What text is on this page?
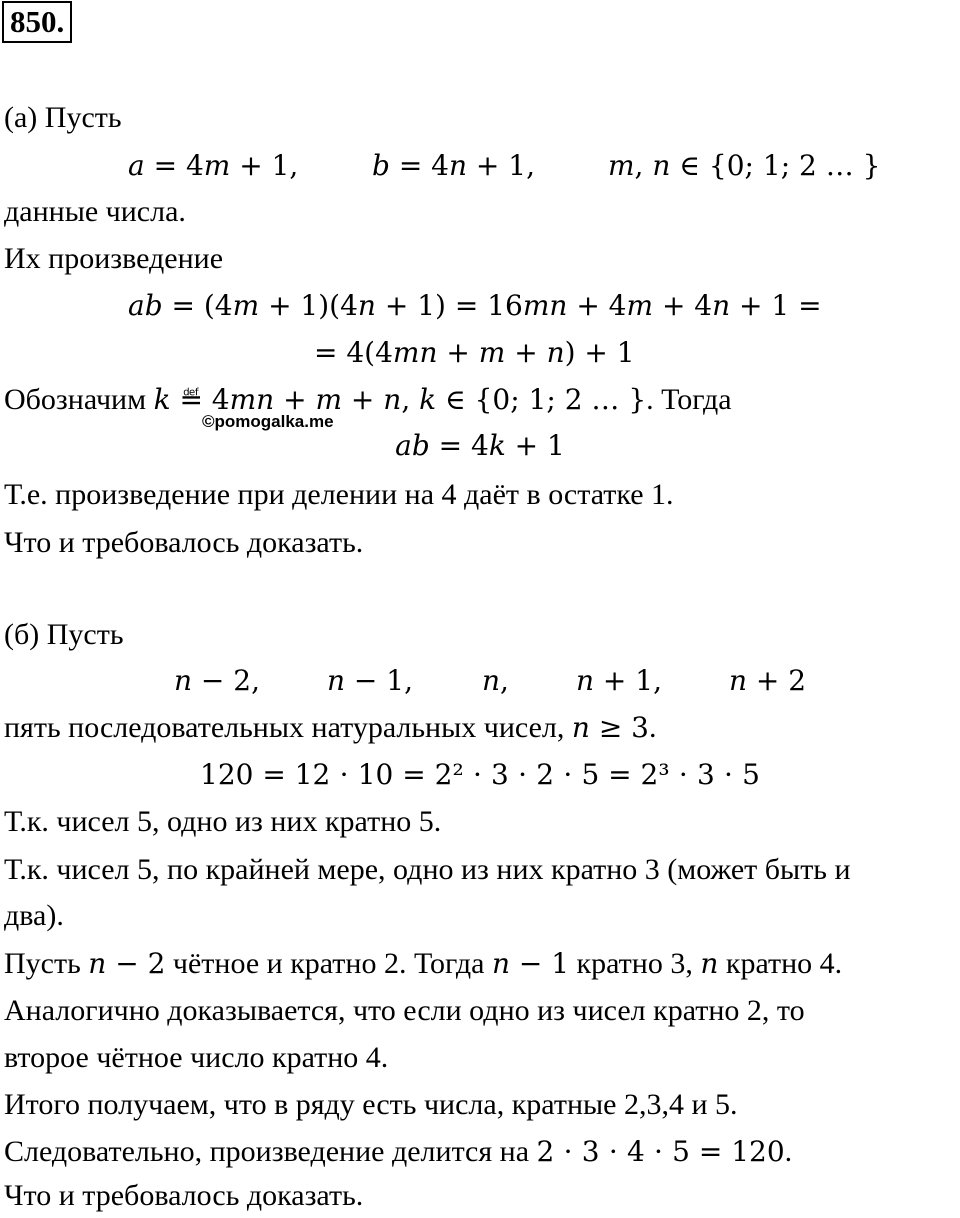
850.
(а) Пусть
𝑎 = 4𝑚 + 1,	𝑏 = 4𝑛 + 1,	𝑚, 𝑛 ∈ {0; 1; 2 … }
данные числа.
Их произведение
𝑎𝑏 = (4𝑚 + 1)(4𝑛 + 1) = 16𝑚𝑛 + 4𝑚 + 4𝑛 + 1 =
= 4(4𝑚𝑛 + 𝑚 + 𝑛) + 1
Обозначим 𝑘 ≝ 4𝑚𝑛 + 𝑚 + 𝑛, 𝑘 ∈ {0; 1; 2 … }. Тогда
©pomogalka.me
𝑎𝑏 = 4𝑘 + 1
Т.е. произведение при делении на 4 даёт в остатке 1.
Что и требовалось доказать.
(б) Пусть
𝑛 − 2, 𝑛 − 1, 𝑛, 𝑛 + 1, 𝑛 + 2
пять последовательных натуральных чисел, 𝑛 ≥ 3.
120 = 12 ⋅ 10 = 2² ⋅ 3 ⋅ 2 ⋅ 5 = 2³ ⋅ 3 ⋅ 5
Т.к. чисел 5, одно из них кратно 5.
Т.к. чисел 5, по крайней мере, одно из них кратно 3 (может быть и
два).
Пусть 𝑛 − 2 чётное и кратно 2. Тогда 𝑛 − 1 кратно 3, 𝑛 кратно 4.
Аналогично доказывается, что если одно из чисел кратно 2, то
второе чётное число кратно 4.
Итого получаем, что в ряду есть числа, кратные 2,3,4 и 5.
Следовательно, произведение делится на 2 ⋅ 3 ⋅ 4 ⋅ 5 = 120.
Что и требовалось доказать.
